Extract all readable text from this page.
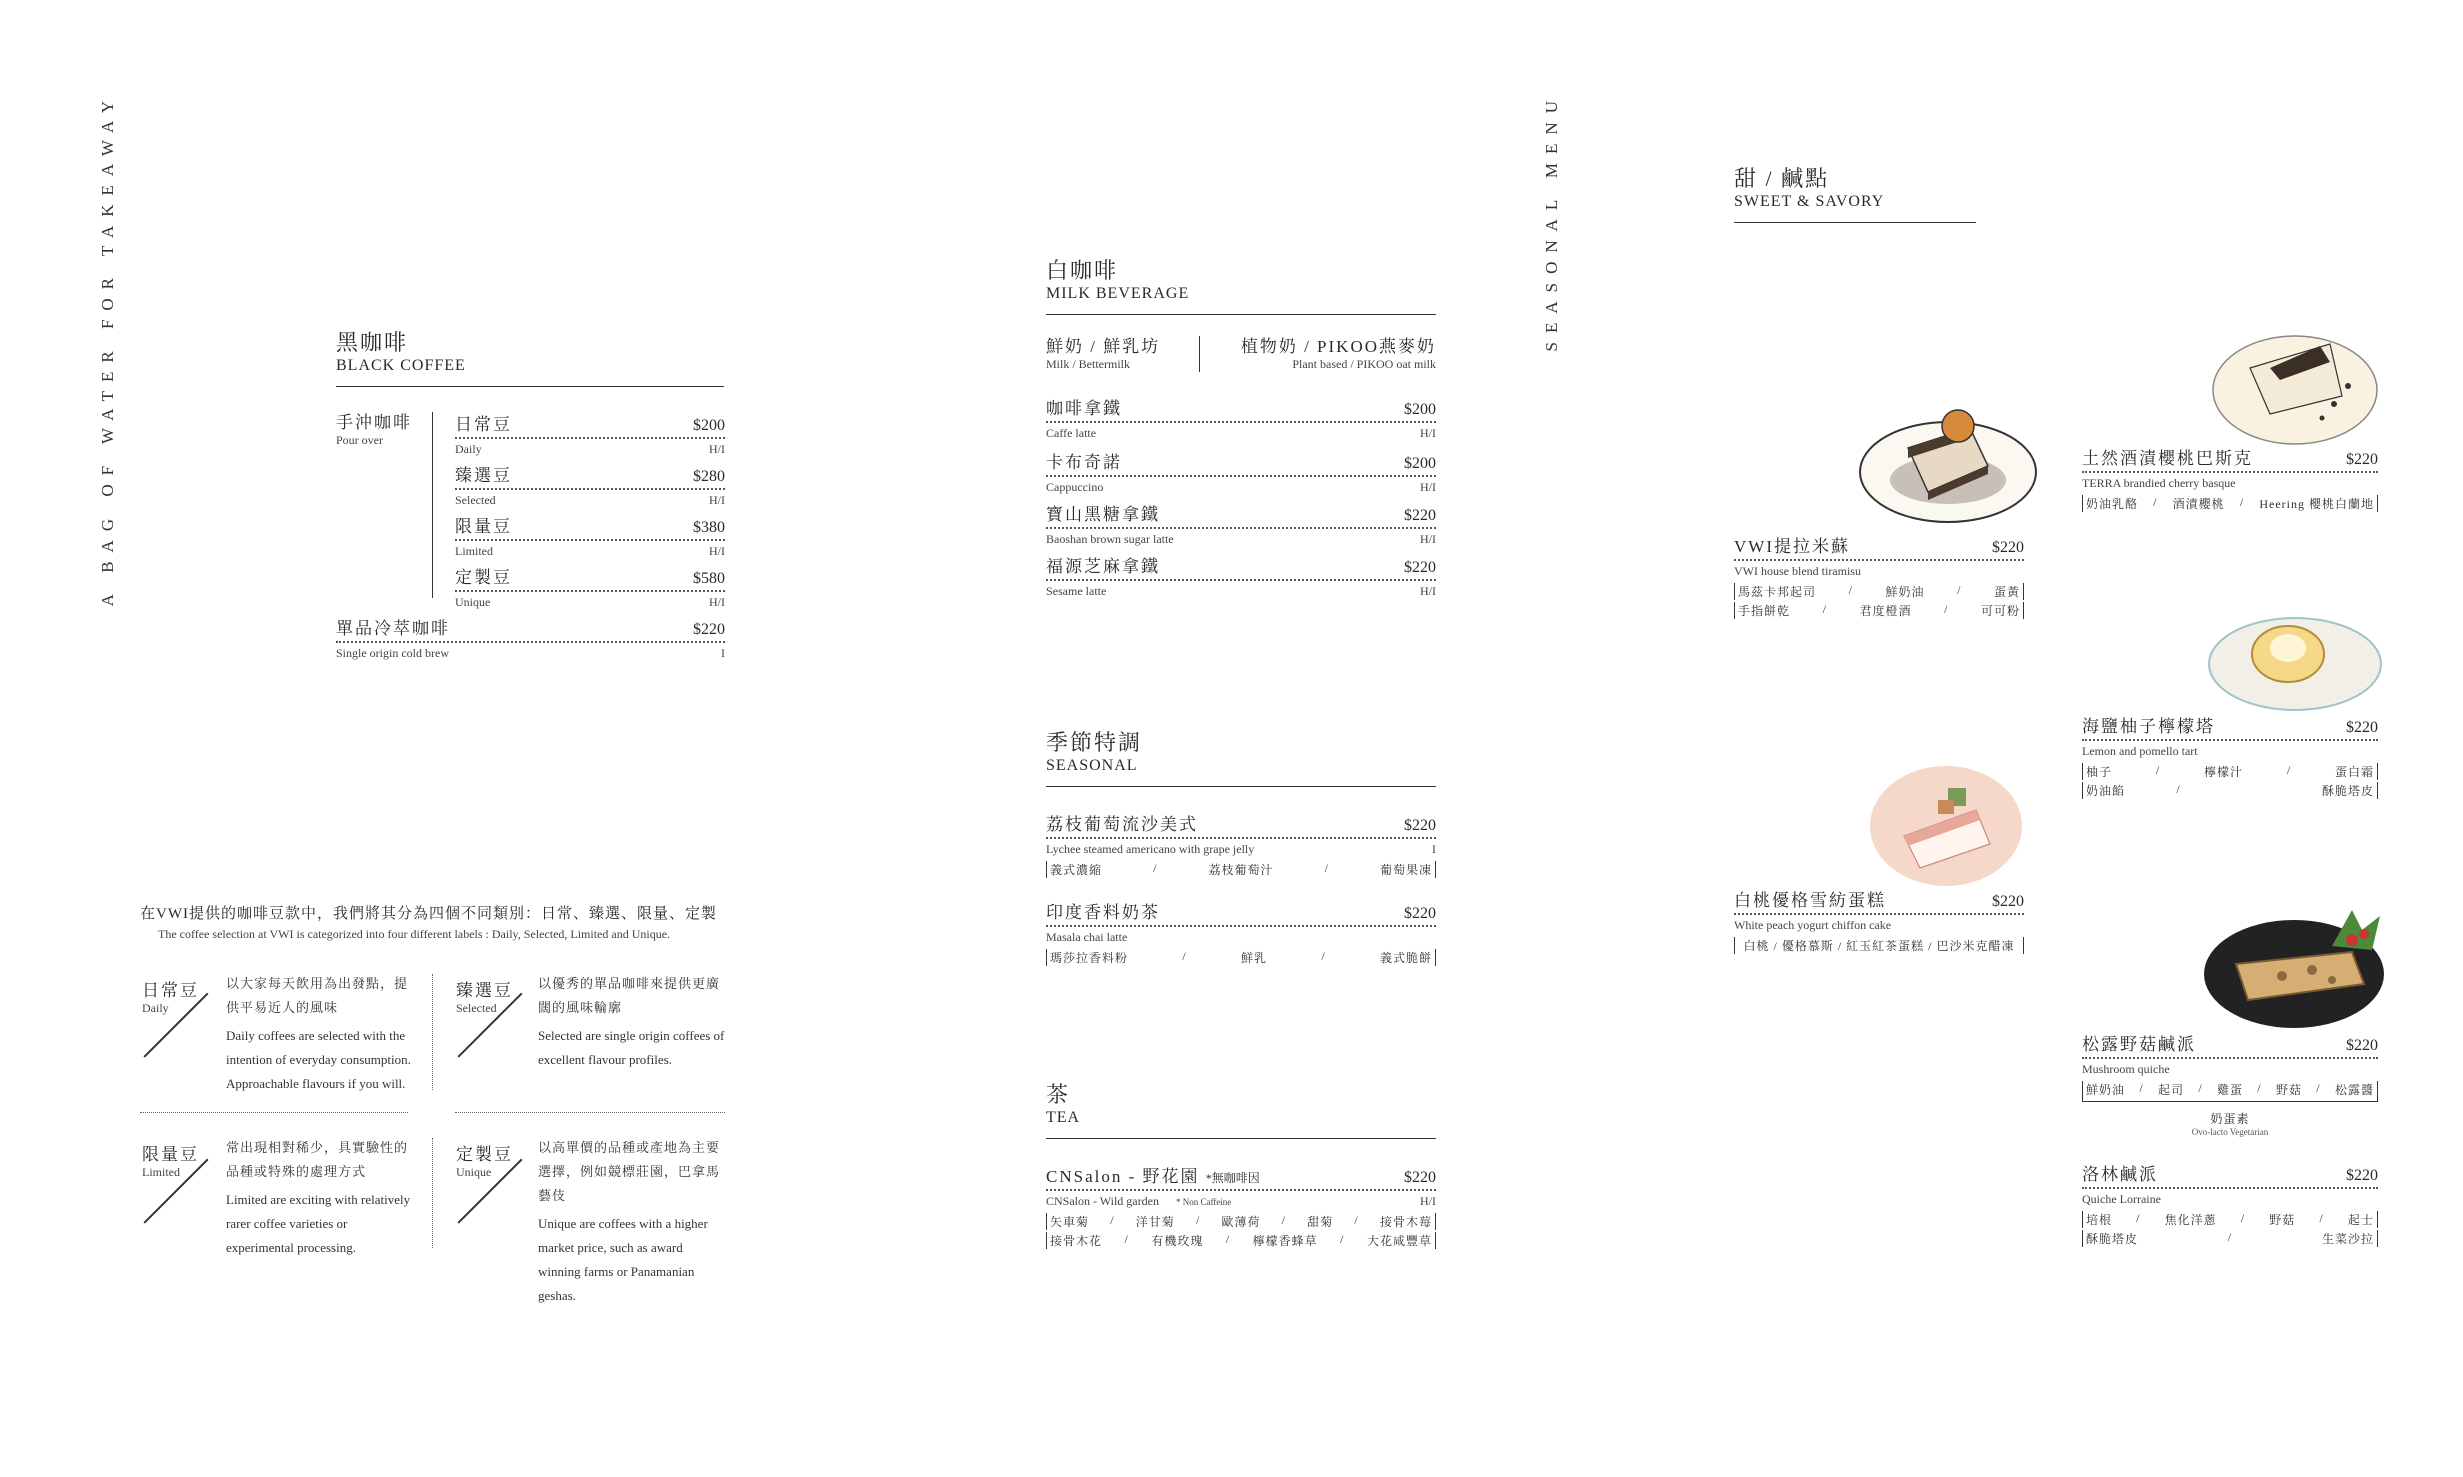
A BAG OF WATER FOR TAKEAWAY	SEASONAL MENU
黑咖啡
BLACK COFFEE
手沖咖啡
Pour over
日常豆	$200
Daily	H/I
臻選豆	$280
Selected	H/I
限量豆	$380
Limited	H/I
定製豆	$580
Unique	H/I
單品冷萃咖啡	$220
Single origin cold brew	I
在VWI提供的咖啡豆款中，我們將其分為四個不同類別：日常、臻選、限量、定製
The coffee selection at VWI is categorized into four different labels : Daily, Selected, Limited and Unique.
日常豆
Daily
以大家每天飲用為出發點，提供平易近人的風味
Daily coffees are selected with the intention of everyday consumption. Approachable flavours if you will.
臻選豆
Selected
以優秀的單品咖啡來提供更廣闊的風味輪廓
Selected are single origin coffees of excellent flavour profiles.
限量豆
Limited
常出現相對稀少，具實驗性的品種或特殊的處理方式
Limited are exciting with relatively rarer coffee varieties or experimental processing.
定製豆
Unique
以高單價的品種或產地為主要選擇，例如競標莊園，巴拿馬藝伎
Unique are coffees with a higher market price, such as award winning farms or Panamanian geshas.
白咖啡
MILK BEVERAGE
鮮奶 / 鮮乳坊
Milk / Bettermilk
植物奶 / PIKOO燕麥奶
Plant based / PIKOO oat milk
咖啡拿鐵	$200
Caffe latte	H/I
卡布奇諾	$200
Cappuccino	H/I
寶山黑糖拿鐵	$220
Baoshan brown sugar latte	H/I
福源芝麻拿鐵	$220
Sesame latte	H/I
季節特調
SEASONAL
荔枝葡萄流沙美式	$220
Lychee steamed americano with grape jelly	I
義式濃縮	/	荔枝葡萄汁	/	葡萄果凍
印度香料奶茶	$220
Masala chai latte
瑪莎拉香料粉	/	鮮乳	/	義式脆餅
茶
TEA
CNSalon - 野花園 *無咖啡因	$220
CNSalon - Wild garden * Non Caffeine	H/I
矢車菊 / 洋甘菊 / 歐薄荷 / 甜菊 / 接骨木莓
接骨木花 / 有機玫瑰 / 檸檬香蜂草 / 大花咸豐草
甜 / 鹹點
SWEET & SAVORY
VWI提拉米蘇	$220
VWI house blend tiramisu
馬茲卡邦起司	/	鮮奶油	/	蛋黃
手指餅乾	/	君度橙酒	/	可可粉
白桃優格雪紡蛋糕	$220
White peach yogurt chiffon cake
白桃 / 優格慕斯 / 紅玉紅茶蛋糕 / 巴沙米克醋凍
土然酒漬櫻桃巴斯克	$220
TERRA brandied cherry basque
奶油乳酪 / 酒漬櫻桃 / Heering 櫻桃白蘭地
海鹽柚子檸檬塔	$220
Lemon and pomello tart
柚子	/	檸檬汁	/	蛋白霜
奶油餡	/	酥脆塔皮
松露野菇鹹派	$220
Mushroom quiche
鮮奶油 / 起司 / 雞蛋 / 野菇 / 松露醬
奶蛋素
Ovo-lacto Vegetarian
洛林鹹派	$220
Quiche Lorraine
培根 / 焦化洋蔥 / 野菇 / 起士
酥脆塔皮	/	生菜沙拉
